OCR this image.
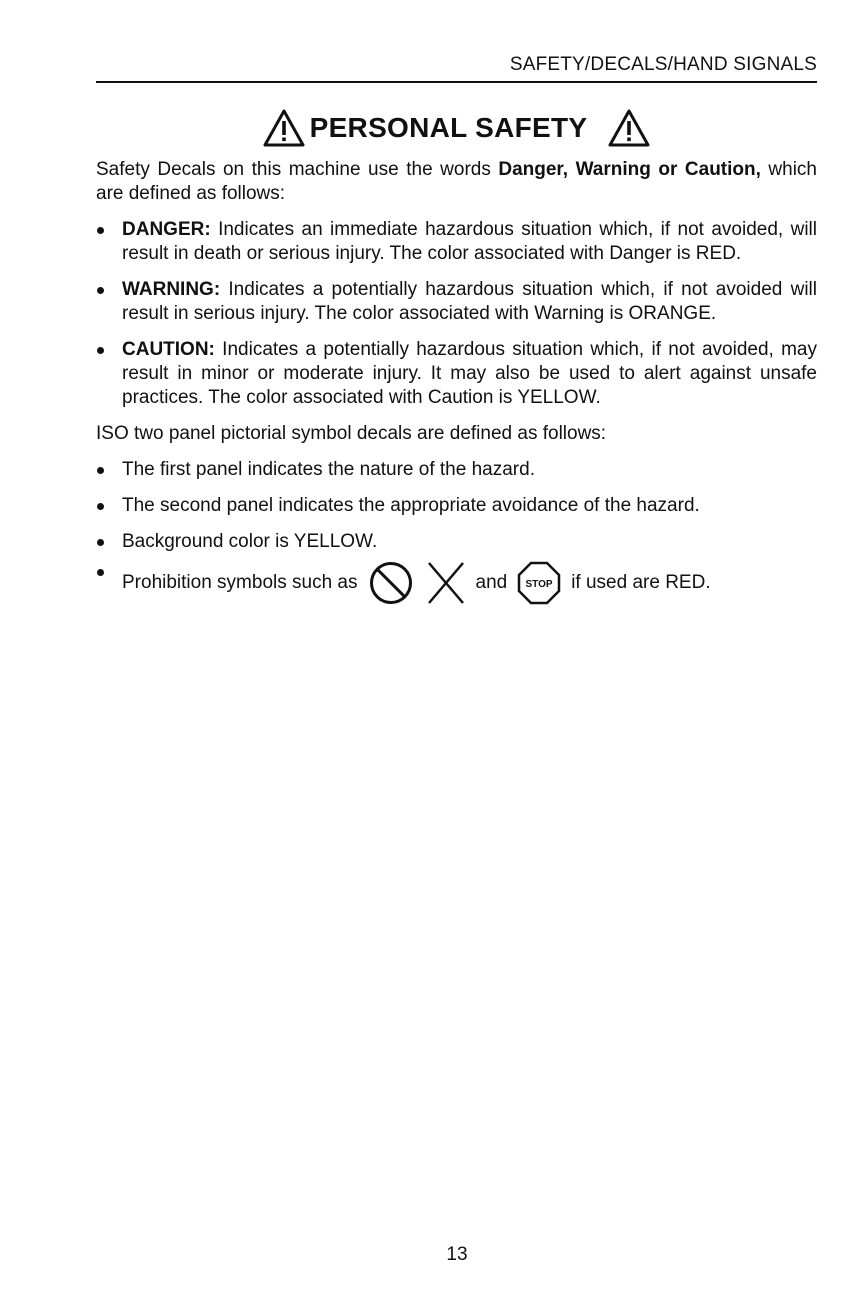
SAFETY/DECALS/HAND SIGNALS
PERSONAL SAFETY

Safety Decals on this machine use the words Danger, Warning or Caution, which are defined as follows:

DANGER: Indicates an immediate hazardous situation which, if not avoided, will result in death or serious injury. The color associated with Danger is RED.
WARNING: Indicates a potentially hazardous situation which, if not avoided will result in serious injury. The color associated with Warning is ORANGE.
CAUTION: Indicates a potentially hazardous situation which, if not avoided, may result in minor or moderate injury. It may also be used to alert against unsafe practices. The color associated with Caution is YELLOW.

ISO two panel pictorial symbol decals are defined as follows:

The first panel indicates the nature of the hazard.
The second panel indicates the appropriate avoidance of the hazard.
Background color is YELLOW.
Prohibition symbols such as	and STOP if used are RED.
13
